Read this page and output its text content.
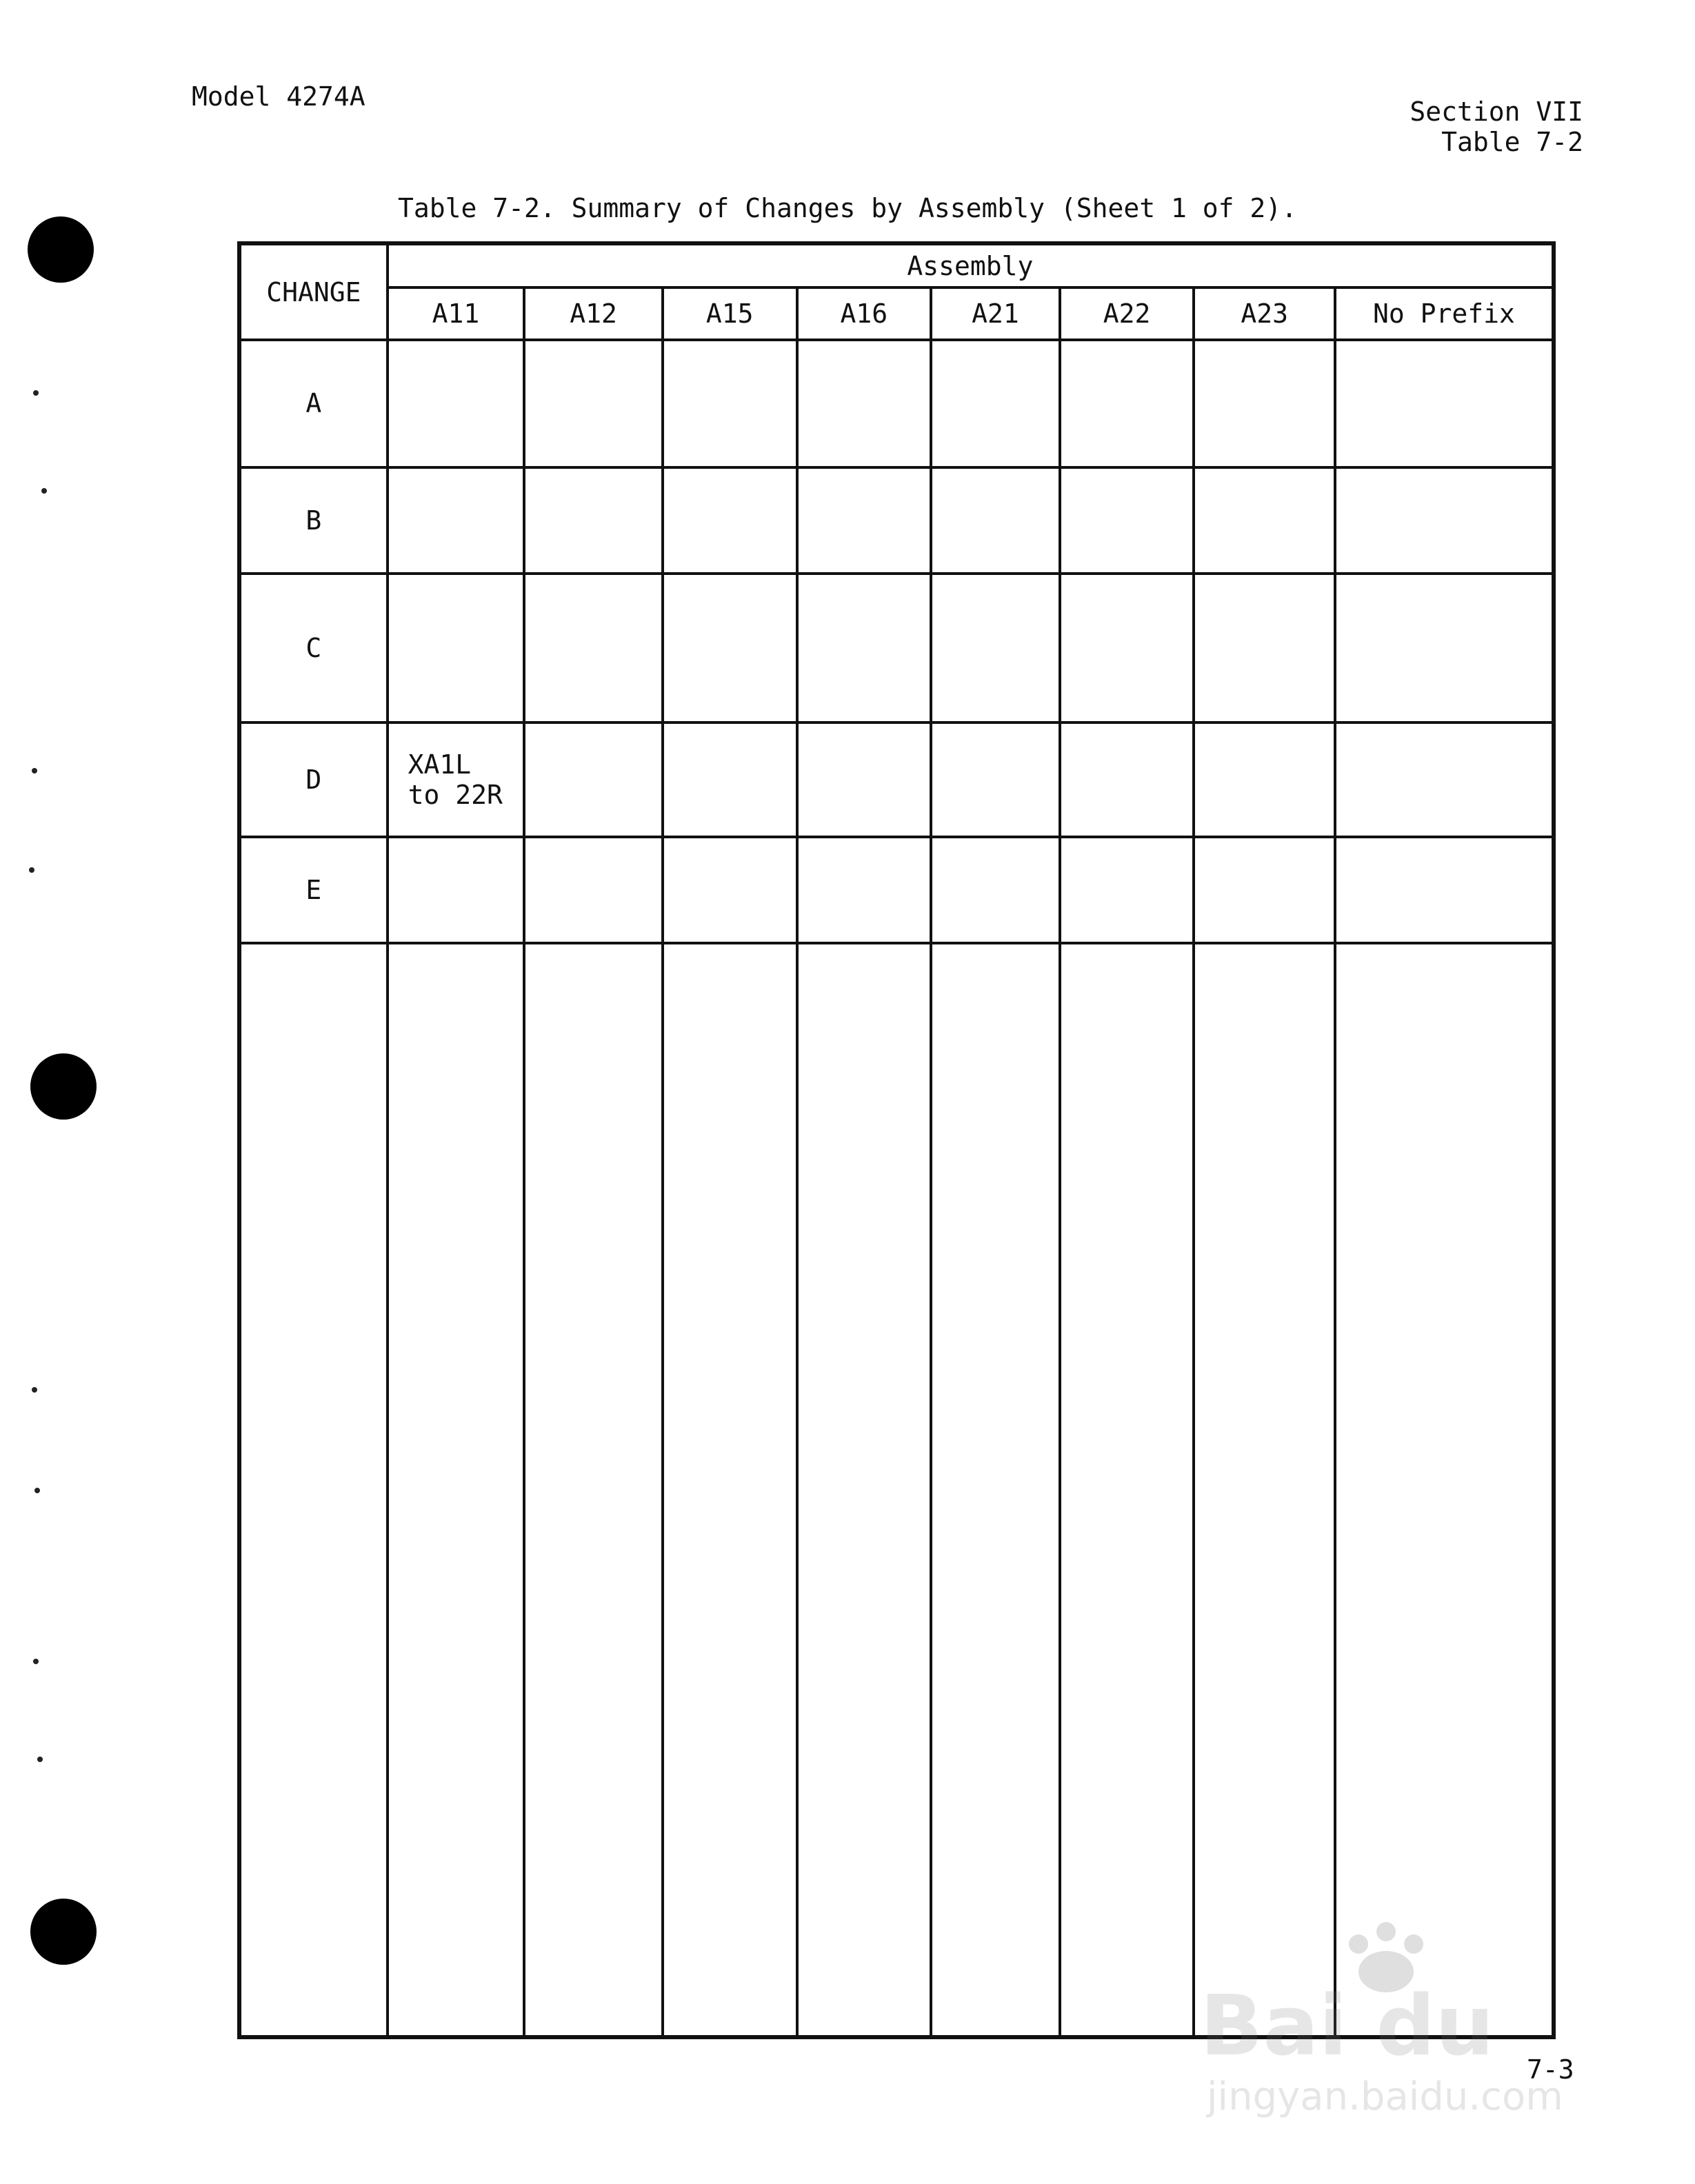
Model 4274A	Section VII
Table 7-2
Table 7-2. Summary of Changes by Assembly (Sheet 1 of 2).
CHANGE	Assembly							
	A11	A12	A15	A16	A21	A22	A23	No Prefix
A								
B								
C								
D	XA1L
to 22R							
E								

7-3
Bai du
jingyan.baidu.com
